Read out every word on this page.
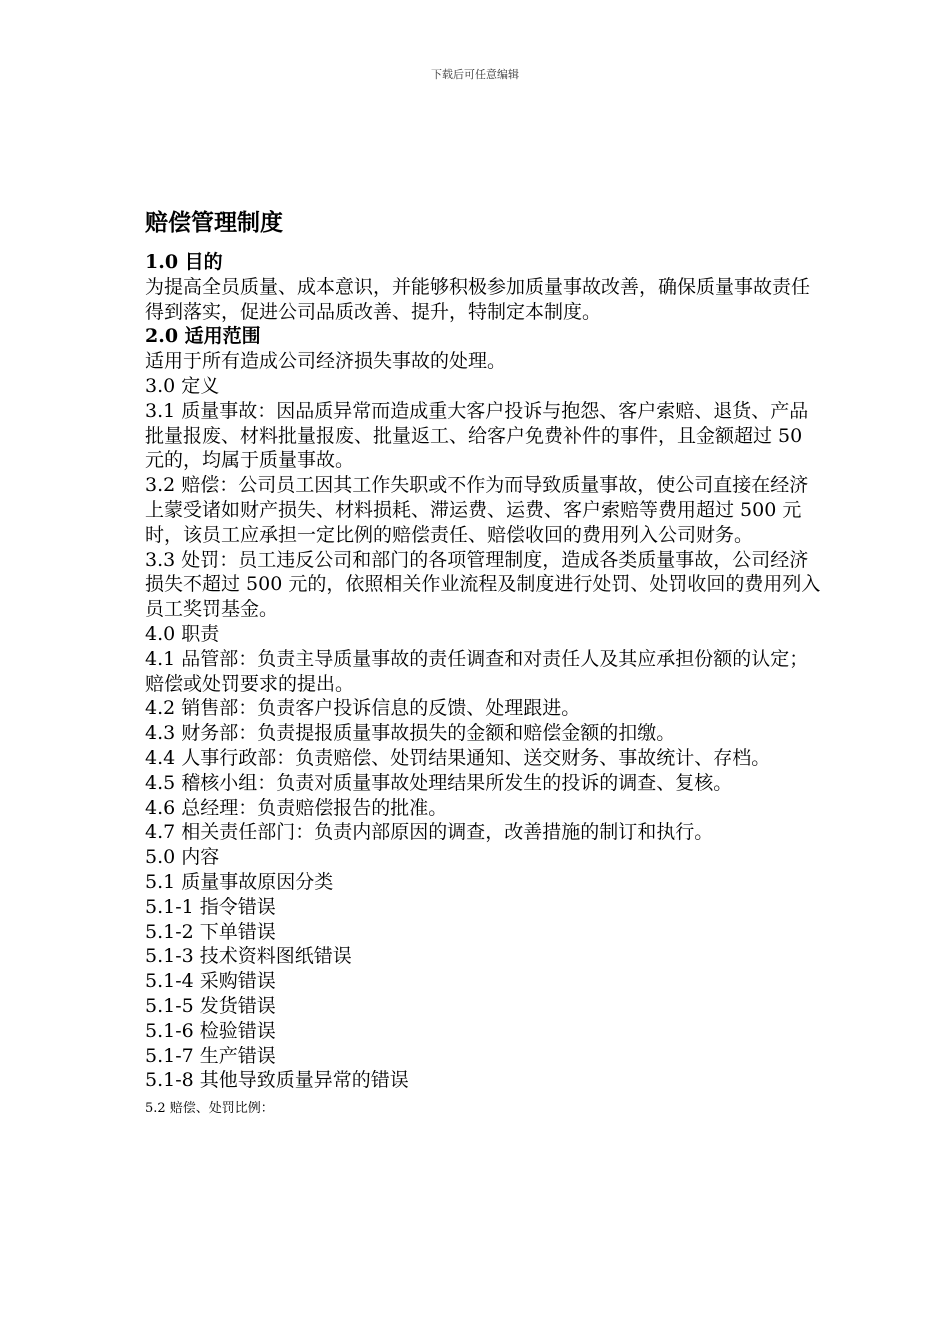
下载后可任意编辑
赔偿管理制度

1.0 目的

为提高全员质量、成本意识，并能够积极参加质量事故改善，确保质量事故责任得到落实，促进公司品质改善、提升，特制定本制度。

2.0 适用范围

适用于所有造成公司经济损失事故的处理。

3.0 定义

3.1 质量事故：因品质异常而造成重大客户投诉与抱怨、客户索赔、退货、产品批量报废、材料批量报废、批量返工、给客户免费补件的事件，且金额超过 50 元的，均属于质量事故。

3.2 赔偿：公司员工因其工作失职或不作为而导致质量事故，使公司直接在经济上蒙受诸如财产损失、材料损耗、滞运费、运费、客户索赔等费用超过 500 元时，该员工应承担一定比例的赔偿责任、赔偿收回的费用列入公司财务。

3.3 处罚：员工违反公司和部门的各项管理制度，造成各类质量事故，公司经济损失不超过 500 元的，依照相关作业流程及制度进行处罚、处罚收回的费用列入员工奖罚基金。

4.0 职责

4.1 品管部：负责主导质量事故的责任调查和对责任人及其应承担份额的认定；赔偿或处罚要求的提出。

4.2 销售部：负责客户投诉信息的反馈、处理跟进。

4.3 财务部：负责提报质量事故损失的金额和赔偿金额的扣缴。

4.4 人事行政部：负责赔偿、处罚结果通知、送交财务、事故统计、存档。

4.5 稽核小组：负责对质量事故处理结果所发生的投诉的调查、复核。

4.6 总经理：负责赔偿报告的批准。

4.7 相关责任部门：负责内部原因的调查，改善措施的制订和执行。

5.0 内容

5.1 质量事故原因分类

5.1-1 指令错误

5.1-2 下单错误

5.1-3 技术资料图纸错误

5.1-4 采购错误

5.1-5 发货错误

5.1-6 检验错误

5.1-7 生产错误

5.1-8 其他导致质量异常的错误

5.2 赔偿、处罚比例：
